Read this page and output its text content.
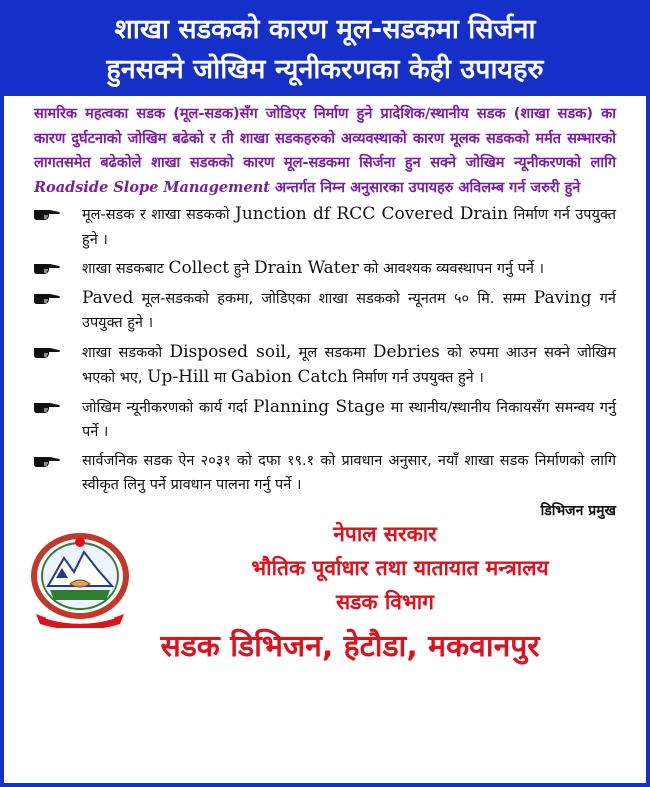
शाखा सडकको कारण मूल-सडकमा सिर्जना
हुनसक्ने जोखिम न्यूनीकरणका केही उपायहरु
सामरिक महत्वका सडक (मूल-सडक)सँग जोडिएर निर्माण हुने प्रादेशिक/स्थानीय सडक (शाखा सडक) का कारण दुर्घटनाको जोखिम बढेको र ती शाखा सडकहरुको अव्यवस्थाको कारण मूलक सडकको मर्मत सम्भारको लागतसमेत बढेकोले शाखा सडकको कारण मूल-सडकमा सिर्जना हुन सक्ने जोखिम न्यूनीकरणको लागि Roadside Slope Management अन्तर्गत निम्न अनुसारका उपायहरु अविलम्ब गर्न जरुरी हुने
मूल-सडक र शाखा सडकको Junction df RCC Covered Drain निर्माण गर्न उपयुक्त हुने ।
शाखा सडकबाट Collect हुने Drain Water को आवश्यक व्यवस्थापन गर्नु पर्ने ।
Paved मूल-सडकको हकमा, जोडिएका शाखा सडकको न्यूनतम ५० मि. सम्म Paving गर्न उपयुक्त हुने ।
शाखा सडकको Disposed soil, मूल सडकमा Debries को रुपमा आउन सक्ने जोखिम भएको भए, Up-Hill मा Gabion Catch निर्माण गर्न उपयुक्त हुने ।
जोखिम न्यूनीकरणको कार्य गर्दा Planning Stage मा स्थानीय/स्थानीय निकायसँग समन्वय गर्नु पर्ने ।
सार्वजनिक सडक ऐन २०३१ को दफा १९.१ को प्रावधान अनुसार, नयाँ शाखा सडक निर्माणको लागि स्वीकृत लिनु पर्ने प्रावधान पालना गर्नु पर्ने ।
डिभिजन प्रमुख
नेपाल सरकार
भौतिक पूर्वाधार तथा यातायात मन्त्रालय
सडक विभाग
सडक डिभिजन, हेटौडा, मकवानपुर
